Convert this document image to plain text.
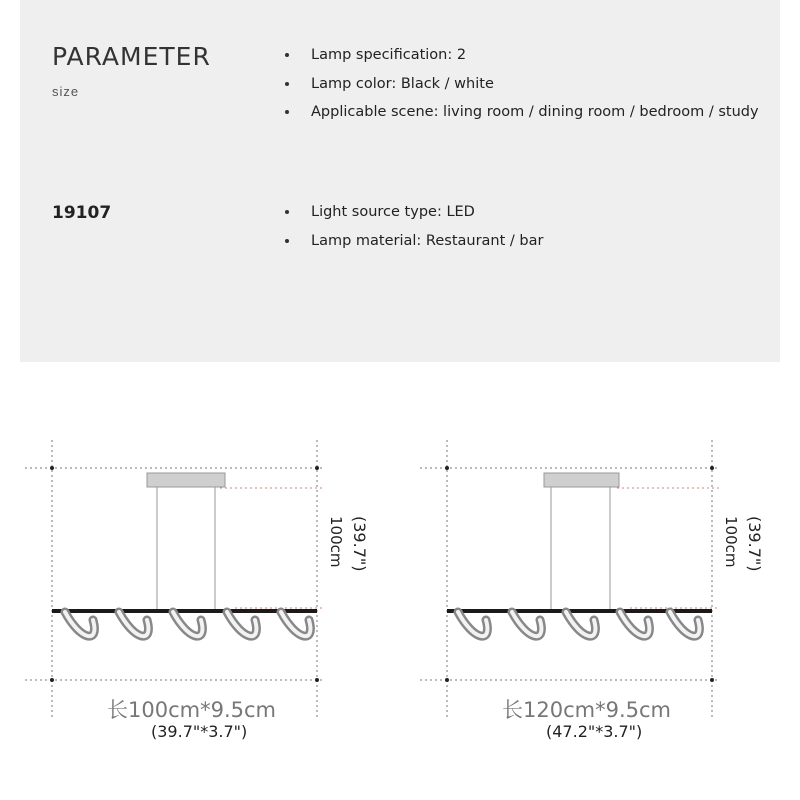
PARAMETER
size
19107
Lamp specification: 2
Lamp color: Black / white
Applicable scene: living room / dining room / bedroom / study
Light source type: LED
Lamp material: Restaurant / bar
100cm (39.7")
长100cm*9.5cm
(39.7"*3.7")
100cm (39.7")
长120cm*9.5cm
(47.2"*3.7")
